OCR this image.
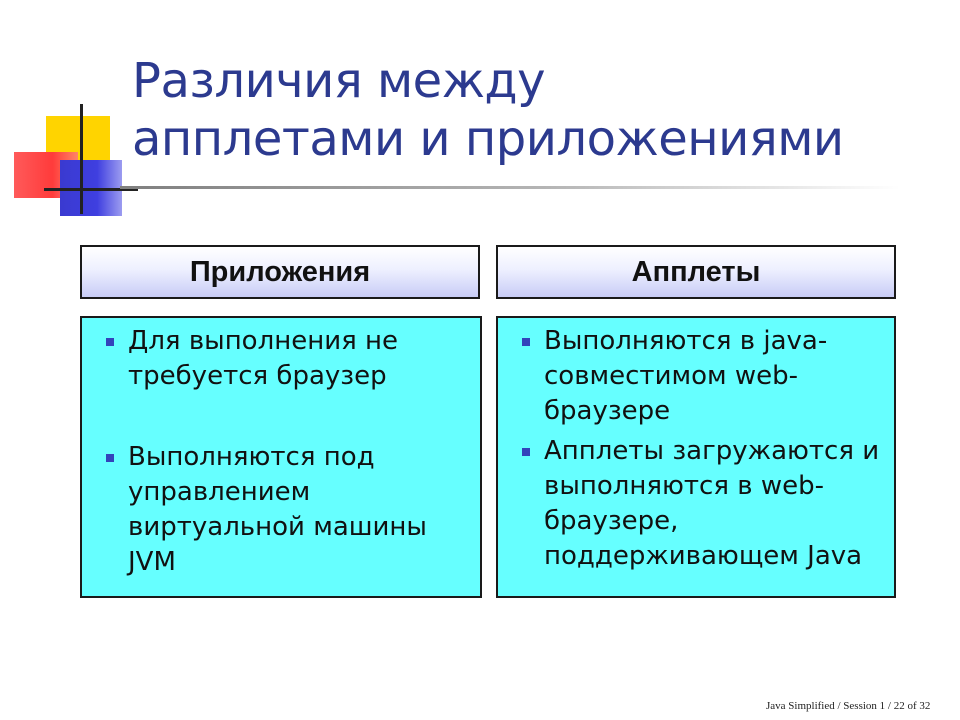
Различия между
апплетами и приложениями
Приложения	Апплеты
Для выполнения не требуется браузер
Выполняются под управлением виртуальной машины JVM
Выполняются в java-совместимом web-браузере
Апплеты загружаются и выполняются в web-браузере, поддерживающем Java
Java Simplified / Session 1 / 22 of 32
